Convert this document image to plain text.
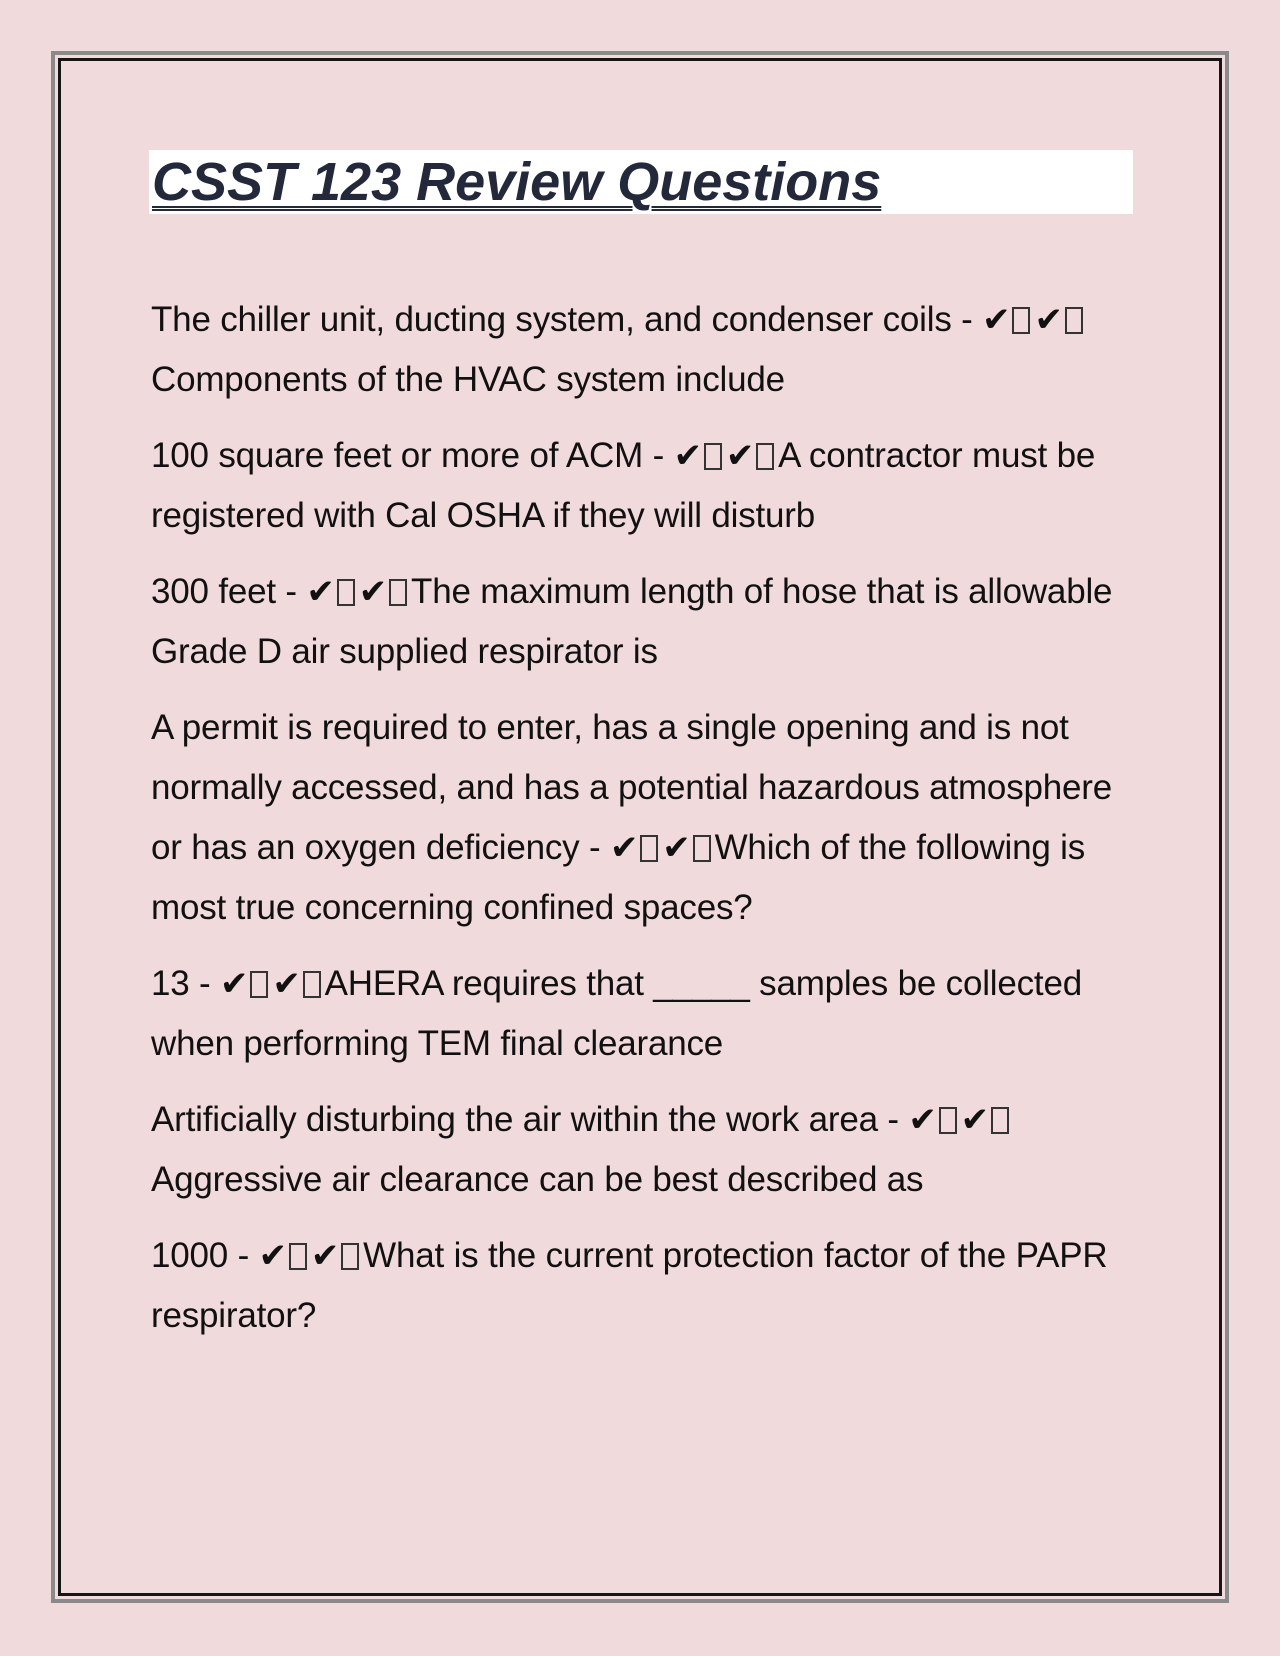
CSST 123 Review Questions

The chiller unit, ducting system, and condenser coils - ✔ ✔Components of the HVAC system include

100 square feet or more of ACM - ✔ ✔ A contractor must be registered with Cal OSHA if they will disturb

300 feet - ✔ ✔ The maximum length of hose that is allowable Grade D air supplied respirator is

A permit is required to enter, has a single opening and is not normally accessed, and has a potential hazardous atmosphere or has an oxygen deficiency - ✔ ✔ Which of the following is most true concerning confined spaces?

13 - ✔ ✔ AHERA requires that _____ samples be collected when performing TEM final clearance

Artificially disturbing the air within the work area - ✔ ✔Aggressive air clearance can be best described as

1000 - ✔ ✔ What is the current protection factor of the PAPR respirator?
